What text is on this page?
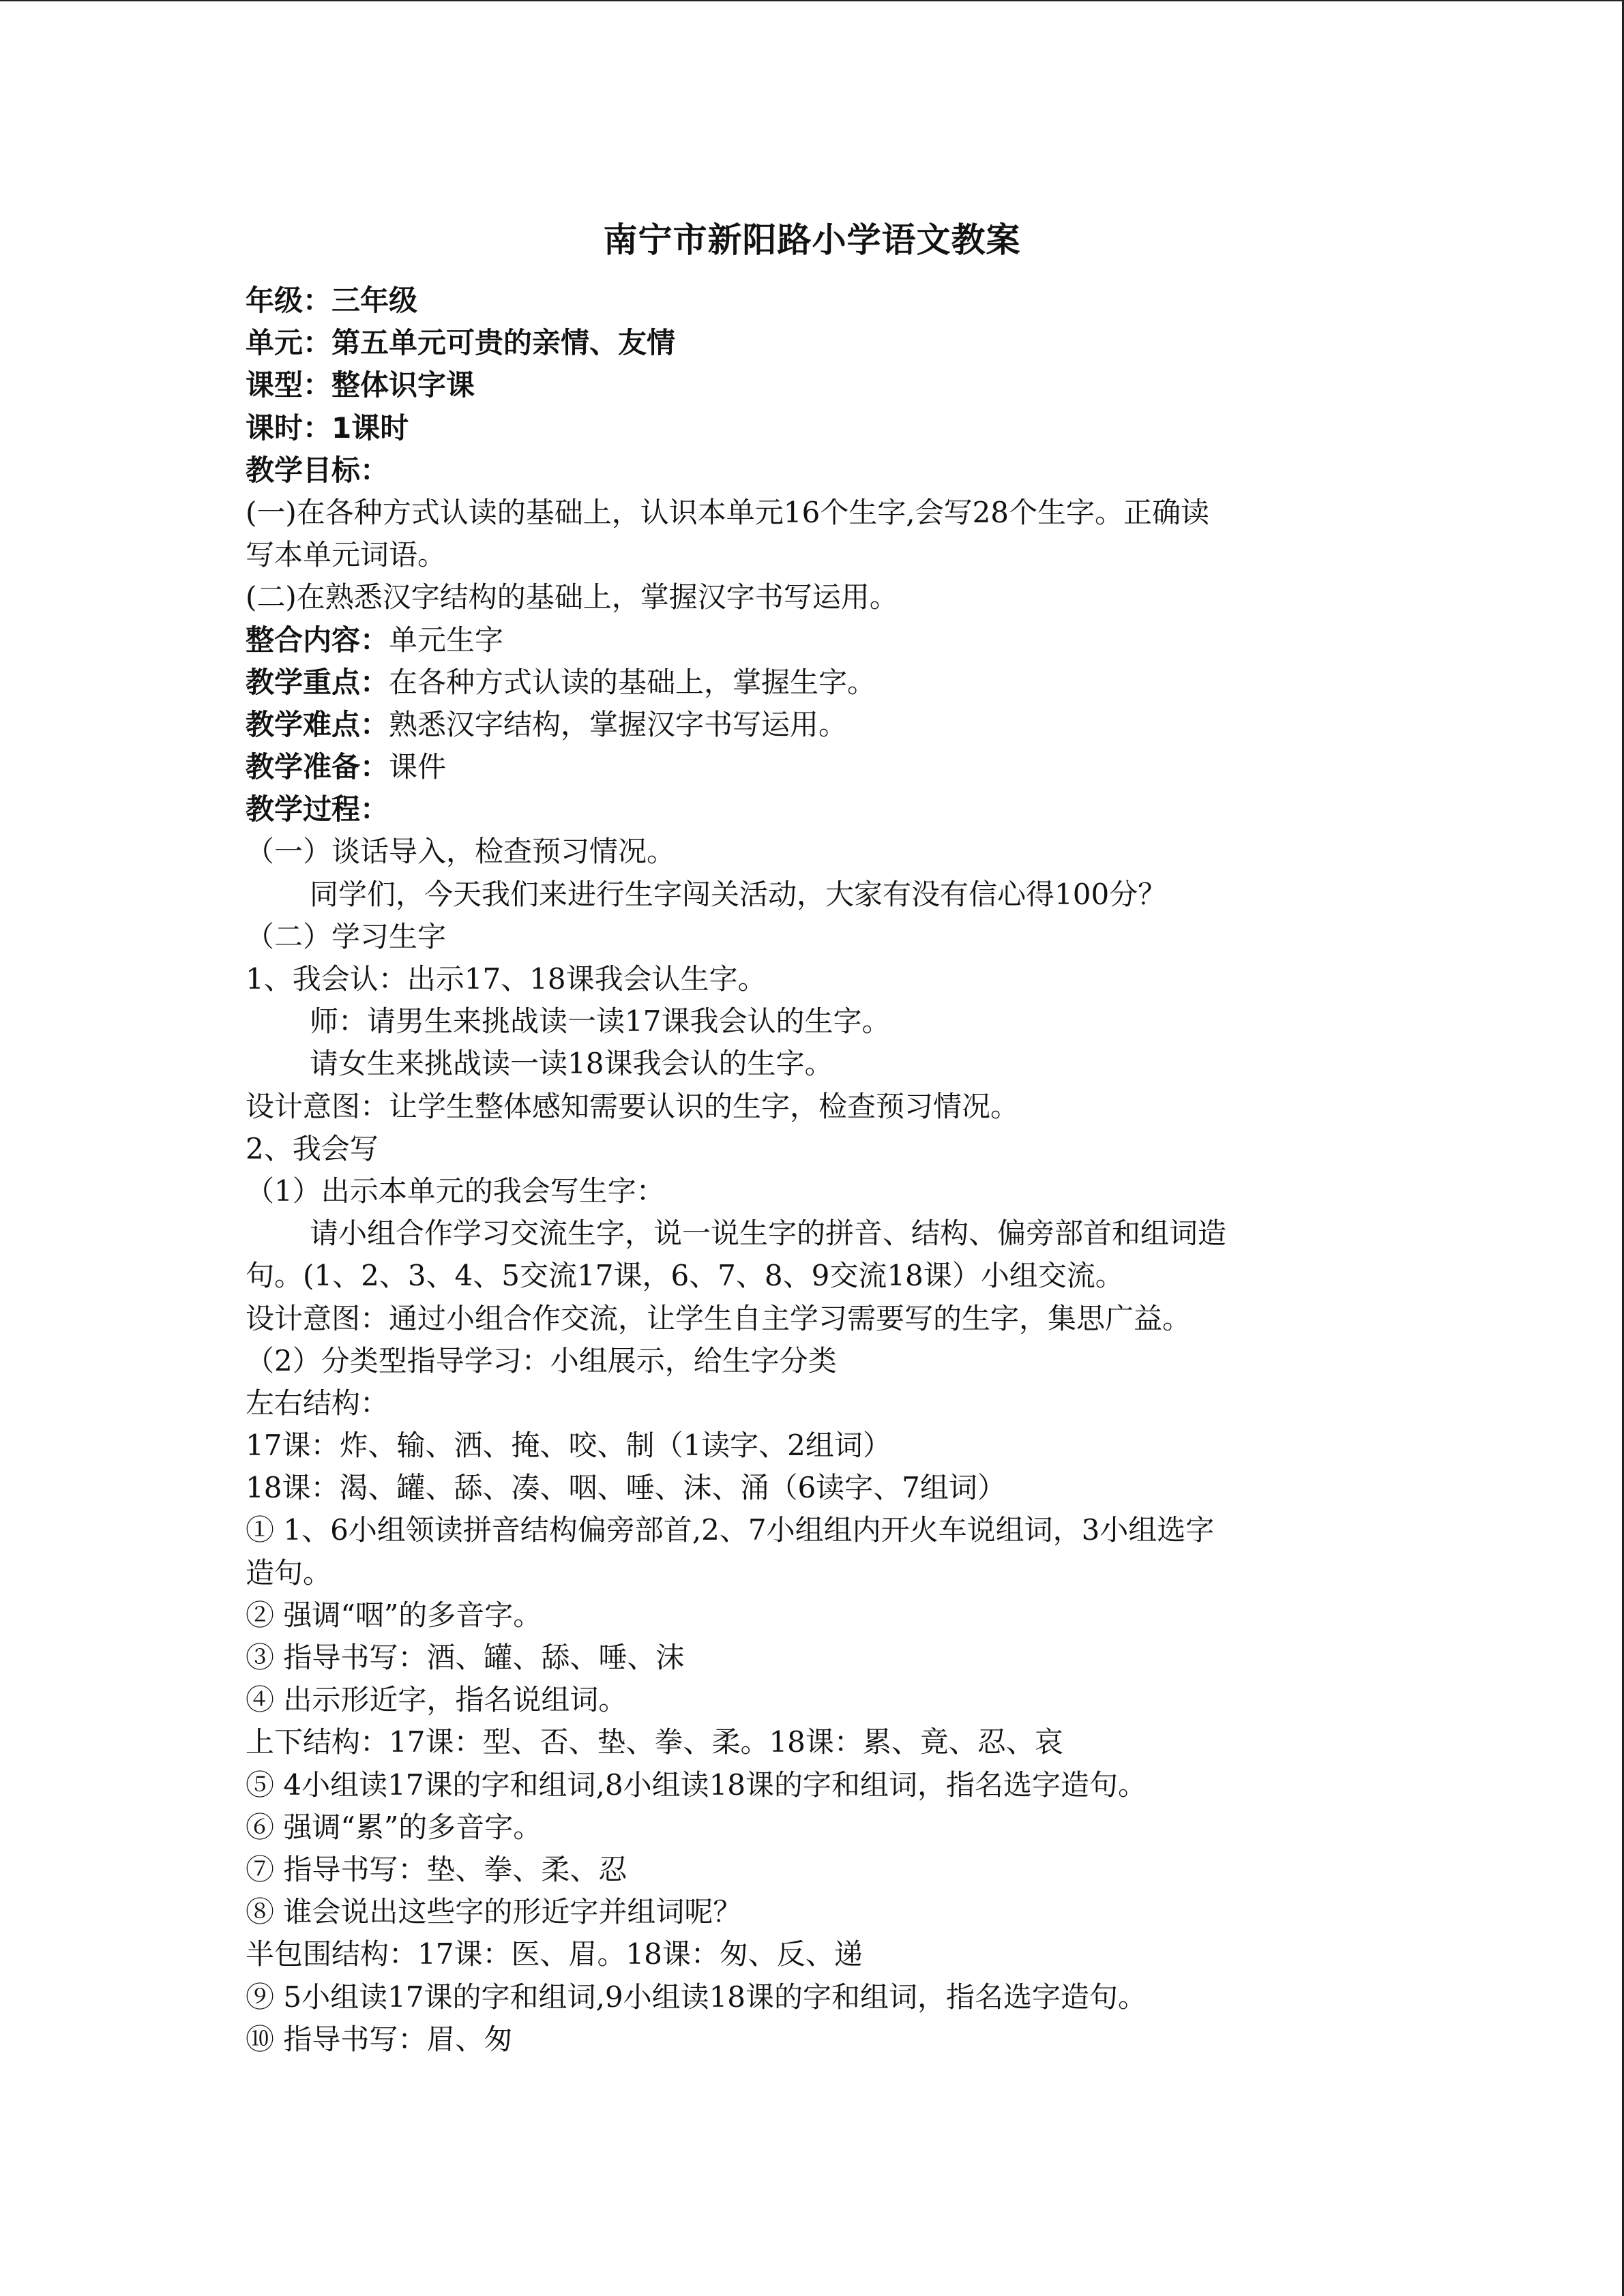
南宁市新阳路小学语文教案
年级：三年级
单元：第五单元可贵的亲情、友情
课型：整体识字课
课时：1课时
教学目标：
(一)在各种方式认读的基础上，认识本单元16个生字,会写28个生字。正确读
写本单元词语。
(二)在熟悉汉字结构的基础上，掌握汉字书写运用。
整合内容：单元生字
教学重点：在各种方式认读的基础上，掌握生字。
教学难点：熟悉汉字结构，掌握汉字书写运用。
教学准备：课件
教学过程：
（一）谈话导入，检查预习情况。
同学们，今天我们来进行生字闯关活动，大家有没有信心得100分？
（二）学习生字
1、我会认：出示17、18课我会认生字。
师：请男生来挑战读一读17课我会认的生字。
请女生来挑战读一读18课我会认的生字。
设计意图：让学生整体感知需要认识的生字，检查预习情况。
2、我会写
（1）出示本单元的我会写生字：
请小组合作学习交流生字，说一说生字的拼音、结构、偏旁部首和组词造
句。(1、2、3、4、5交流17课，6、7、8、9交流18课）小组交流。
设计意图：通过小组合作交流，让学生自主学习需要写的生字，集思广益。
（2）分类型指导学习：小组展示，给生字分类
左右结构：
17课：炸、输、洒、掩、咬、制（1读字、2组词）
18课：渴、罐、舔、凑、咽、唾、沫、涌（6读字、7组词）
① 1、6小组领读拼音结构偏旁部首,2、7小组组内开火车说组词，3小组选字
造句。
② 强调“咽”的多音字。
③ 指导书写：酒、罐、舔、唾、沫
④ 出示形近字，指名说组词。
上下结构：17课：型、否、垫、拳、柔。18课：累、竟、忍、哀
⑤ 4小组读17课的字和组词,8小组读18课的字和组词，指名选字造句。
⑥ 强调“累”的多音字。
⑦ 指导书写：垫、拳、柔、忍
⑧ 谁会说出这些字的形近字并组词呢？
半包围结构：17课：医、眉。18课：匆、反、递
⑨ 5小组读17课的字和组词,9小组读18课的字和组词，指名选字造句。
⑩ 指导书写：眉、匆
